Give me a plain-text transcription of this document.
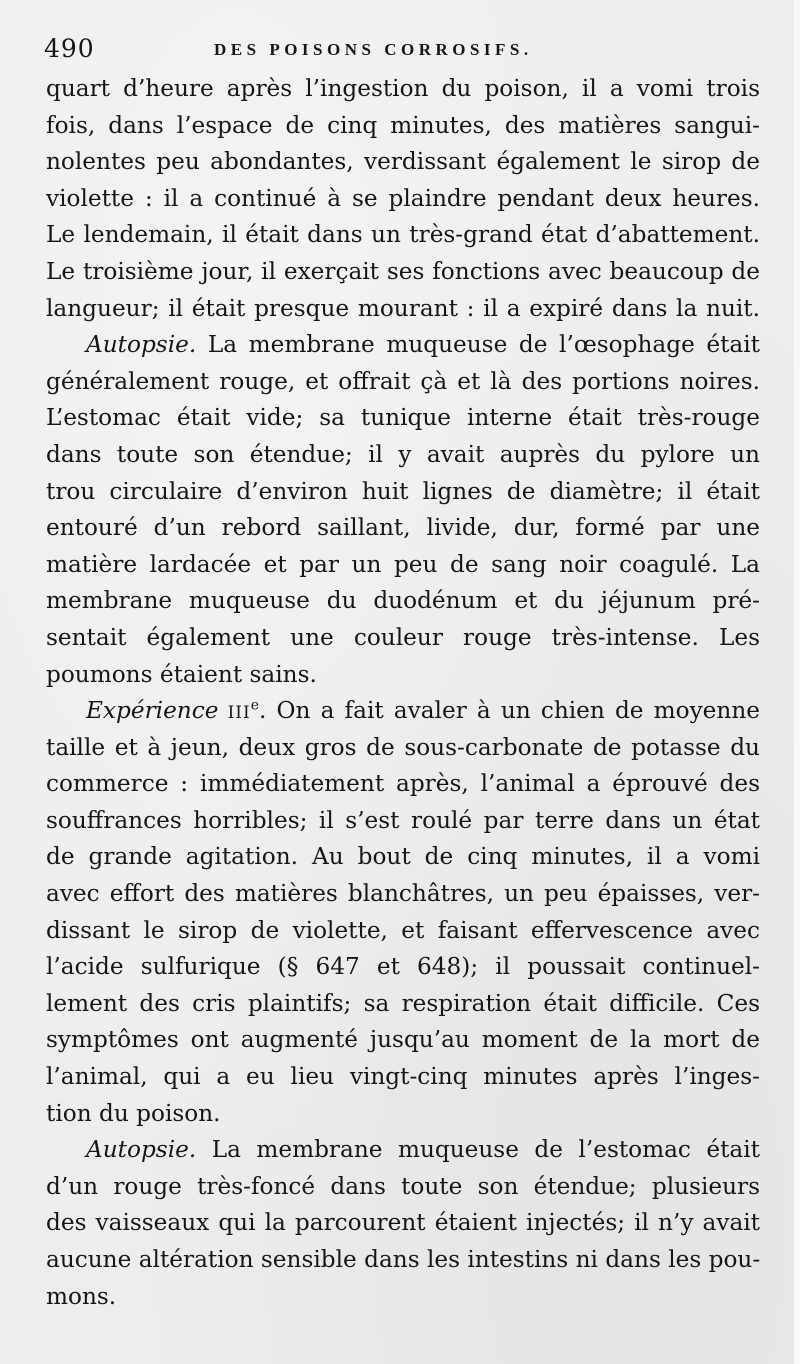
490	DES POISONS CORROSIFS.
quart d’heure après l’ingestion du poison, il a vomi trois
fois, dans l’espace de cinq minutes, des matières sangui-
nolentes peu abondantes, verdissant également le sirop de
violette : il a continué à se plaindre pendant deux heures.
Le lendemain, il était dans un très-grand état d’abattement.
Le troisième jour, il exerçait ses fonctions avec beaucoup de
langueur; il était presque mourant : il a expiré dans la nuit.
Autopsie. La membrane muqueuse de l’œsophage était
généralement rouge, et offrait çà et là des portions noires.
L’estomac était vide; sa tunique interne était très-rouge
dans toute son étendue; il y avait auprès du pylore un
trou circulaire d’environ huit lignes de diamètre; il était
entouré d’un rebord saillant, livide, dur, formé par une
matière lardacée et par un peu de sang noir coagulé. La
membrane muqueuse du duodénum et du jéjunum pré-
sentait également une couleur rouge très-intense. Les
poumons étaient sains.
Expérience IIIe. On a fait avaler à un chien de moyenne
taille et à jeun, deux gros de sous-carbonate de potasse du
commerce : immédiatement après, l’animal a éprouvé des
souffrances horribles; il s’est roulé par terre dans un état
de grande agitation. Au bout de cinq minutes, il a vomi
avec effort des matières blanchâtres, un peu épaisses, ver-
dissant le sirop de violette, et faisant effervescence avec
l’acide sulfurique (§ 647 et 648); il poussait continuel-
lement des cris plaintifs; sa respiration était difficile. Ces
symptômes ont augmenté jusqu’au moment de la mort de
l’animal, qui a eu lieu vingt-cinq minutes après l’inges-
tion du poison.
Autopsie. La membrane muqueuse de l’estomac était
d’un rouge très-foncé dans toute son étendue; plusieurs
des vaisseaux qui la parcourent étaient injectés; il n’y avait
aucune altération sensible dans les intestins ni dans les pou-
mons.
